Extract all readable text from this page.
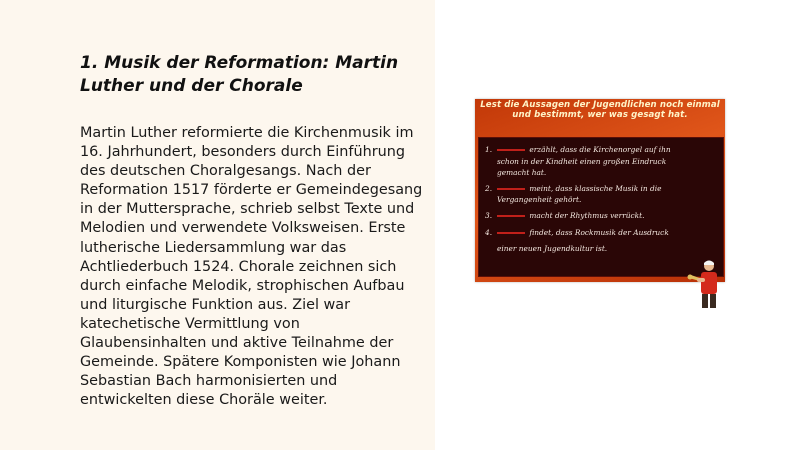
1. Musik der Reformation: Martin Luther und der Chorale

Martin Luther reformierte die Kirchenmusik im 16. Jahrhundert, besonders durch Einführung des deutschen Choralgesangs. Nach der Reformation 1517 förderte er Gemeindegesang in der Muttersprache, schrieb selbst Texte und Melodien und verwendete Volksweisen. Erste lutherische Liedersammlung war das Achtliederbuch 1524. Chorale zeichnen sich durch einfache Melodik, strophischen Aufbau und liturgische Funktion aus. Ziel war katechetische Vermittlung von Glaubensinhalten und aktive Teilnahme der Gemeinde. Spätere Komponisten wie Johann Sebastian Bach harmonisierten und entwickelten diese Choräle weiter.

Lest die Aussagen der Jugendlichen noch einmal und bestimmt, wer was gesagt hat.
1.	erzählt, dass die Kirchenorgel auf ihn schon in der Kindheit einen großen Eindruck gemacht hat.
2.	meint, dass klassische Musik in die Vergangenheit gehört.
3.	macht der Rhythmus verrückt.
4.	findet, dass Rockmusik der Ausdruck einer neuen Jugendkultur ist.
